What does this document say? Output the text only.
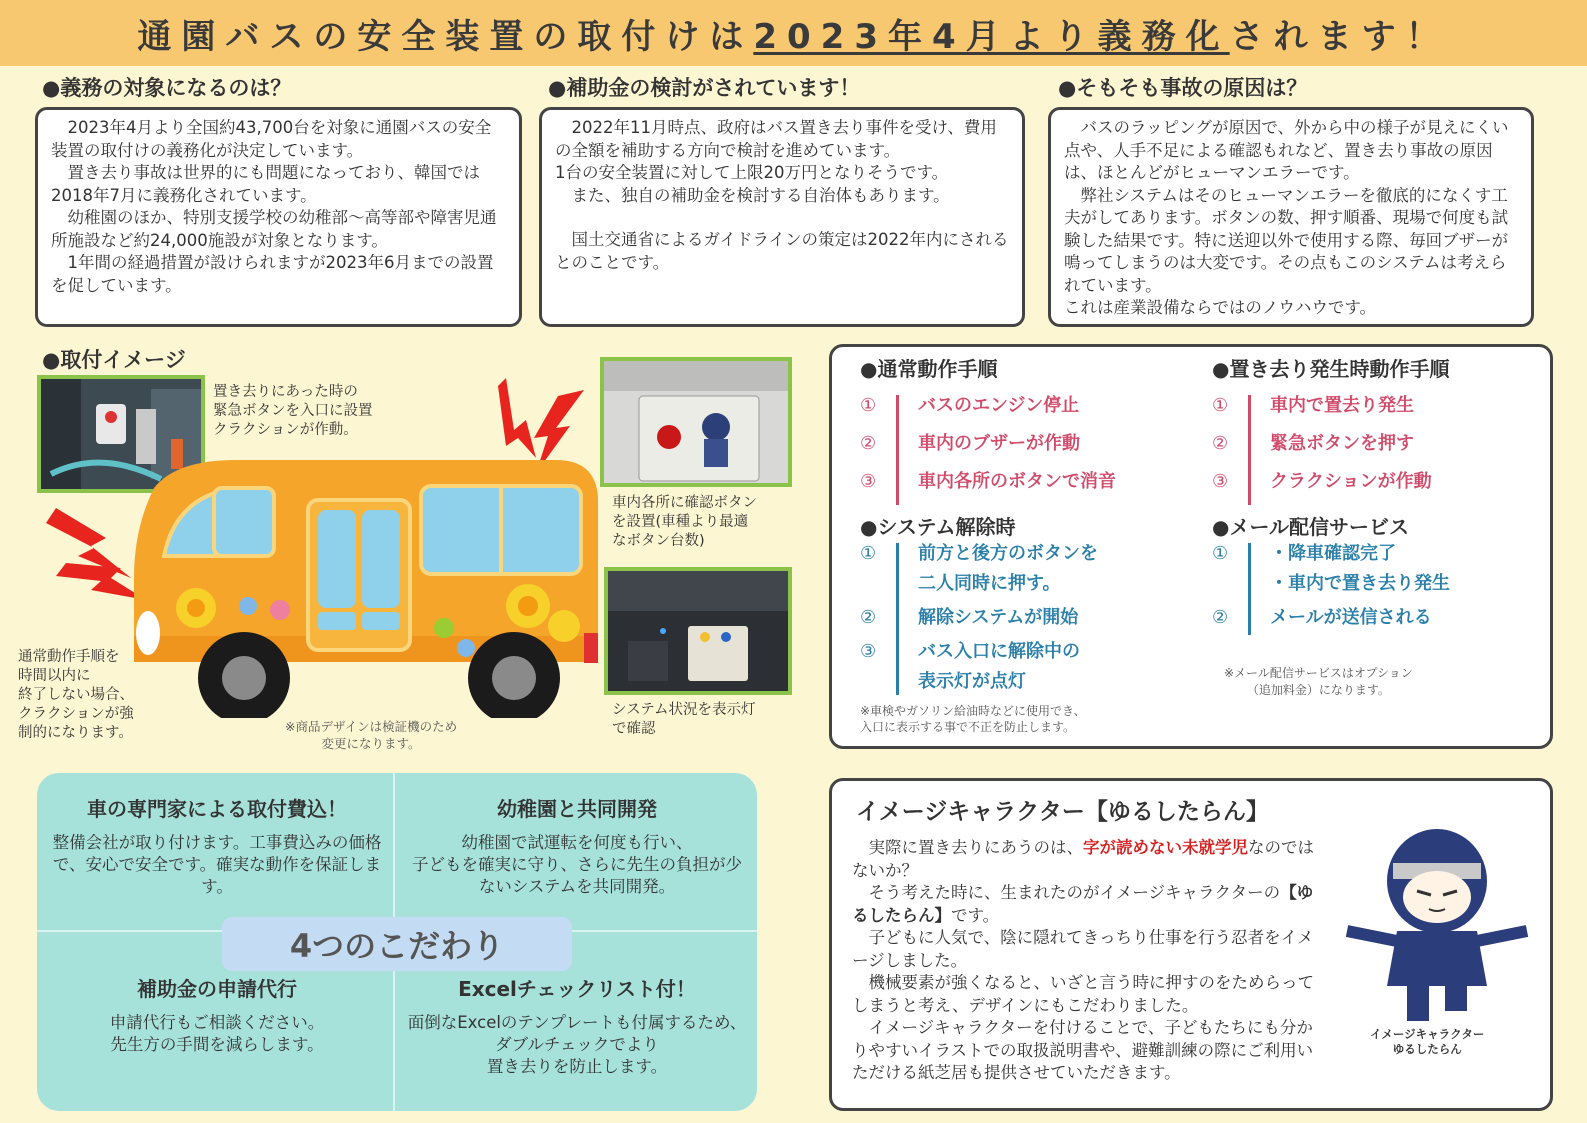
通園バスの安全装置の取付けは 2023年4月より義務化 されます！
●義務の対象になるのは？

2023年4月より全国約43,700台を対象に通園バスの安全装置の取付けの義務化が決定しています。

置き去り事故は世界的にも問題になっており、韓国では2018年7月に義務化されています。

幼稚園のほか、特別支援学校の幼稚部～高等部や障害児通所施設など約24,000施設が対象となります。

1年間の経過措置が設けられますが2023年6月までの設置を促しています。

●補助金の検討がされています！

2022年11月時点、政府はバス置き去り事件を受け、費用の全額を補助する方向で検討を進めています。

1台の安全装置に対して上限20万円となりそうです。

また、独自の補助金を検討する自治体もあります。

国土交通省によるガイドラインの策定は2022年内にされるとのことです。

●そもそも事故の原因は？

バスのラッピングが原因で、外から中の様子が見えにくい点や、人手不足による確認もれなど、置き去り事故の原因は、ほとんどがヒューマンエラーです。

弊社システムはそのヒューマンエラーを徹底的になくす工夫がしてあります。ボタンの数、押す順番、現場で何度も試験した結果です。特に送迎以外で使用する際、毎回ブザーが鳴ってしまうのは大変です。その点もこのシステムは考えられています。

これは産業設備ならではのノウハウです。

●取付イメージ
置き去りにあった時の
緊急ボタンを入口に設置
クラクションが作動。
車内各所に確認ボタン
を設置(車種より最適
なボタン台数)
システム状況を表示灯
で確認
通常動作手順を
時間以内に
終了しない場合、
クラクションが強
制的になります。	※商品デザインは検証機のため
変更になります。
●通常動作手順
①	バスのエンジン停止
②	車内のブザーが作動
③	車内各所のボタンで消音
●置き去り発生時動作手順
①	車内で置去り発生
②	緊急ボタンを押す
③	クラクションが作動
●システム解除時
①	前方と後方のボタンを
二人同時に押す。
②	解除システムが開始
③	バス入口に解除中の
表示灯が点灯
※車検やガソリン給油時などに使用でき、
入口に表示する事で不正を防止します。
●メール配信サービス
①	・降車確認完了
・車内で置き去り発生
②	メールが送信される
※メール配信サービスはオプション
（追加料金）になります。
車の専門家による取付費込！

整備会社が取り付けます。工事費込みの価格で、安心で安全です。確実な動作を保証します。

幼稚園と共同開発

幼稚園で試運転を何度も行い、
子どもを確実に守り、さらに先生の負担が少ないシステムを共同開発。

補助金の申請代行

申請代行もご相談ください。
先生方の手間を減らします。

Excelチェックリスト付！

面倒なExcelのテンプレートも付属するため、ダブルチェックでより
置き去りを防止します。

4つのこだわり
イメージキャラクター【ゆるしたらん】

実際に置き去りにあうのは、字が読めない未就学児なのではないか？

そう考えた時に、生まれたのがイメージキャラクターの【ゆるしたらん】です。

子どもに人気で、陰に隠れてきっちり仕事を行う忍者をイメージしました。

機械要素が強くなると、いざと言う時に押すのをためらってしまうと考え、デザインにもこだわりました。

イメージキャラクターを付けることで、子どもたちにも分かりやすいイラストでの取扱説明書や、避難訓練の際にご利用いただける紙芝居も提供させていただきます。

イメージキャラクター
ゆるしたらん
